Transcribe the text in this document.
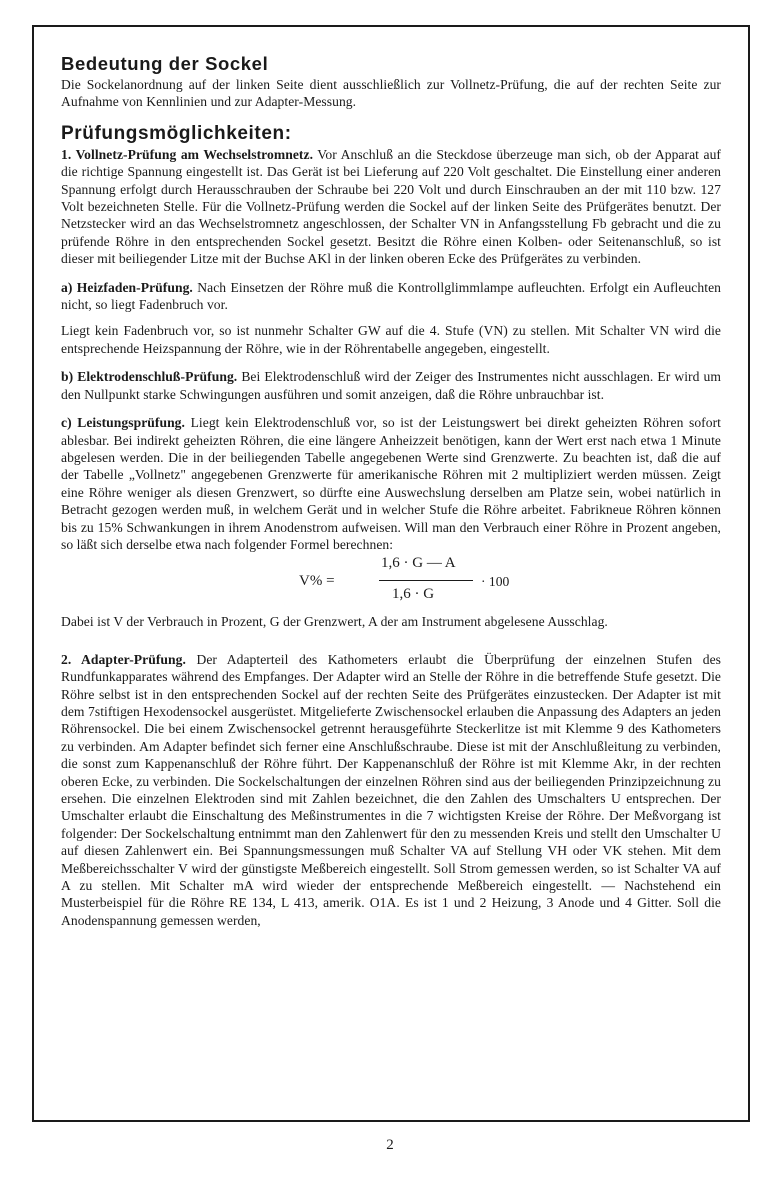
Bedeutung der Sockel

Die Sockelanordnung auf der linken Seite dient ausschließlich zur Vollnetz-Prüfung, die auf der rechten Seite zur Aufnahme von Kennlinien und zur Adapter-Messung.

Prüfungsmöglichkeiten:

1. Vollnetz-Prüfung am Wechselstromnetz. Vor Anschluß an die Steckdose überzeuge man sich, ob der Apparat auf die richtige Spannung eingestellt ist. Das Gerät ist bei Lieferung auf 220 Volt geschaltet. Die Einstellung einer anderen Spannung erfolgt durch Herausschrauben der Schraube bei 220 Volt und durch Einschrauben an der mit 110 bzw. 127 Volt bezeichneten Stelle. Für die Vollnetz-Prüfung werden die Sockel auf der linken Seite des Prüfgerätes benutzt. Der Netzstecker wird an das Wechselstromnetz angeschlossen, der Schalter VN in Anfangsstellung Fb gebracht und die zu prüfende Röhre in den entsprechenden Sockel gesetzt. Besitzt die Röhre einen Kolben- oder Seitenanschluß, so ist dieser mit beiliegender Litze mit der Buchse AKl in der linken oberen Ecke des Prüfgerätes zu verbinden.

a) Heizfaden-Prüfung. Nach Einsetzen der Röhre muß die Kontrollglimmlampe aufleuchten. Erfolgt ein Aufleuchten nicht, so liegt Fadenbruch vor.

Liegt kein Fadenbruch vor, so ist nunmehr Schalter GW auf die 4. Stufe (VN) zu stellen. Mit Schalter VN wird die entsprechende Heizspannung der Röhre, wie in der Röhrentabelle angegeben, eingestellt.

b) Elektrodenschluß-Prüfung. Bei Elektrodenschluß wird der Zeiger des Instrumentes nicht ausschlagen. Er wird um den Nullpunkt starke Schwingungen ausführen und somit anzeigen, daß die Röhre unbrauchbar ist.

c) Leistungsprüfung. Liegt kein Elektrodenschluß vor, so ist der Leistungswert bei direkt geheizten Röhren sofort ablesbar. Bei indirekt geheizten Röhren, die eine längere Anheizzeit benötigen, kann der Wert erst nach etwa 1 Minute abgelesen werden. Die in der beiliegenden Tabelle angegebenen Werte sind Grenzwerte. Zu beachten ist, daß die auf der Tabelle „Vollnetz" angegebenen Grenzwerte für amerikanische Röhren mit 2 multipliziert werden müssen. Zeigt eine Röhre weniger als diesen Grenzwert, so dürfte eine Auswechslung derselben am Platze sein, wobei natürlich in Betracht gezogen werden muß, in welchem Gerät und in welcher Stufe die Röhre arbeitet. Fabrikneue Röhren können bis zu 15% Schwankungen in ihrem Anodenstrom aufweisen. Will man den Verbrauch einer Röhre in Prozent angeben, so läßt sich derselbe etwa nach folgender Formel berechnen:

V% =
1,6 · G — A
1,6 · G
· 100

Dabei ist V der Verbrauch in Prozent, G der Grenzwert, A der am Instrument abgelesene Ausschlag.

2. Adapter-Prüfung. Der Adapterteil des Kathometers erlaubt die Überprüfung der einzelnen Stufen des Rundfunkapparates während des Empfanges. Der Adapter wird an Stelle der Röhre in die betreffende Stufe gesetzt. Die Röhre selbst ist in den entsprechenden Sockel auf der rechten Seite des Prüfgerätes einzustecken. Der Adapter ist mit dem 7stiftigen Hexodensockel ausgerüstet. Mitgelieferte Zwischensockel erlauben die Anpassung des Adapters an jeden Röhrensockel. Die bei einem Zwischensockel getrennt herausgeführte Steckerlitze ist mit Klemme 9 des Kathometers zu verbinden. Am Adapter befindet sich ferner eine Anschlußschraube. Diese ist mit der Anschlußleitung zu verbinden, die sonst zum Kappenanschluß der Röhre führt. Der Kappenanschluß der Röhre ist mit Klemme Akr, in der rechten oberen Ecke, zu verbinden. Die Sockelschaltungen der einzelnen Röhren sind aus der beiliegenden Prinzipzeichnung zu ersehen. Die einzelnen Elektroden sind mit Zahlen bezeichnet, die den Zahlen des Umschalters U entsprechen. Der Umschalter erlaubt die Einschaltung des Meßinstrumentes in die 7 wichtigsten Kreise der Röhre. Der Meßvorgang ist folgender: Der Sockelschaltung entnimmt man den Zahlenwert für den zu messenden Kreis und stellt den Umschalter U auf diesen Zahlenwert ein. Bei Spannungsmessungen muß Schalter VA auf Stellung VH oder VK stehen. Mit dem Meßbereichsschalter V wird der günstigste Meßbereich eingestellt. Soll Strom gemessen werden, so ist Schalter VA auf A zu stellen. Mit Schalter mA wird wieder der entsprechende Meßbereich eingestellt. — Nachstehend ein Musterbeispiel für die Röhre RE 134, L 413, amerik. O1A. Es ist 1 und 2 Heizung, 3 Anode und 4 Gitter. Soll die Anodenspannung gemessen werden,

2
